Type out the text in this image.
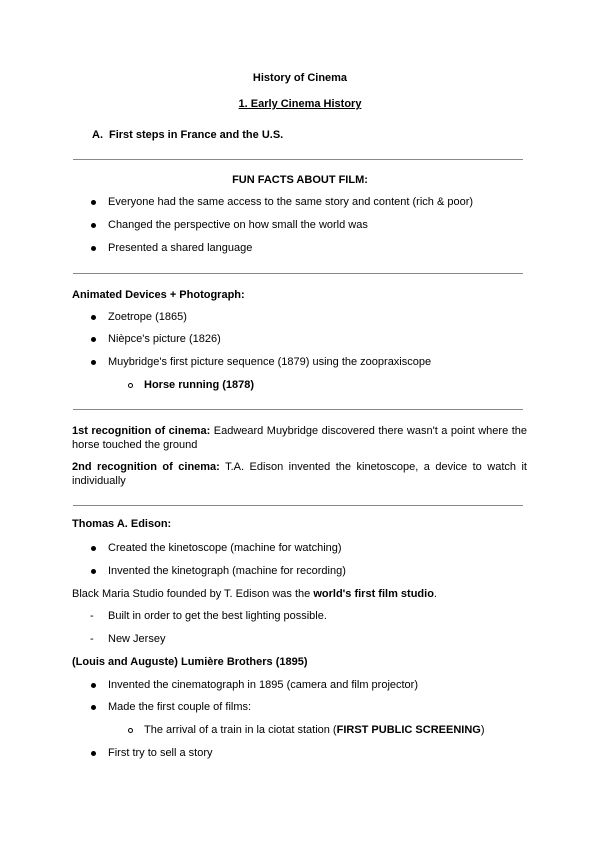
History of Cinema
1. Early Cinema History
A. First steps in France and the U.S.
FUN FACTS ABOUT FILM:
Everyone had the same access to the same story and content (rich & poor)
Changed the perspective on how small the world was
Presented a shared language
Animated Devices + Photograph:
Zoetrope (1865)
Nièpce's picture (1826)
Muybridge's first picture sequence (1879) using the zoopraxiscope
Horse running (1878)
1st recognition of cinema: Eadweard Muybridge discovered there wasn't a point where the horse touched the ground
2nd recognition of cinema: T.A. Edison invented the kinetoscope, a device to watch it individually
Thomas A. Edison:
Created the kinetoscope (machine for watching)
Invented the kinetograph (machine for recording)
Black Maria Studio founded by T. Edison was the world's first film studio.
- Built in order to get the best lighting possible.
- New Jersey
(Louis and Auguste) Lumière Brothers (1895)
Invented the cinematograph in 1895 (camera and film projector)
Made the first couple of films:
The arrival of a train in la ciotat station (FIRST PUBLIC SCREENING)
First try to sell a story
